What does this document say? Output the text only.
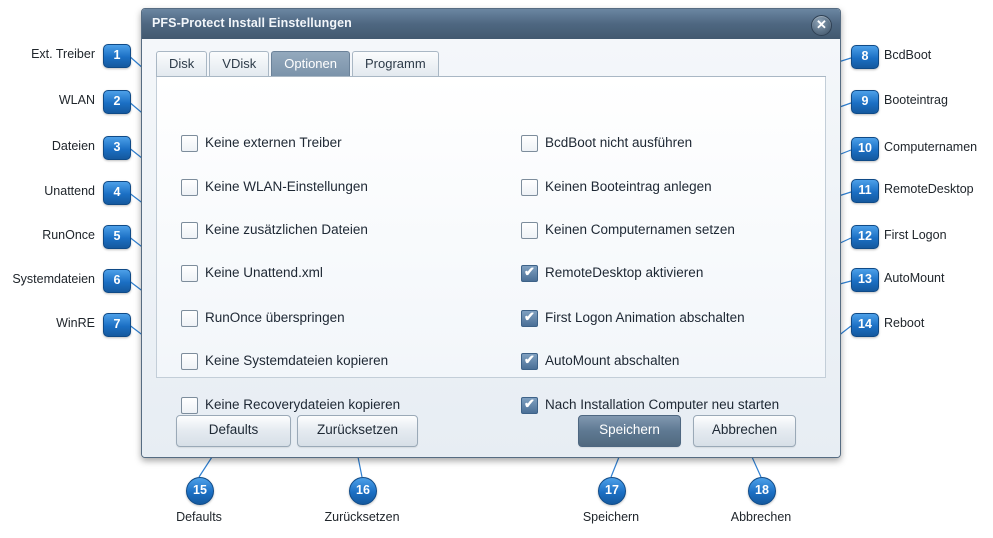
PFS-Protect Install Einstellungen	✕
Disk	VDisk	Optionen	Programm
Keine externen Treiber
Keine WLAN-Einstellungen
Keine zusätzlichen Dateien
Keine Unattend.xml
RunOnce überspringen
Keine Systemdateien kopieren
Keine Recoverydateien kopieren
BcdBoot nicht ausführen
Keinen Booteintrag anlegen
Keinen Computernamen setzen
✔ RemoteDesktop aktivieren
✔ First Logon Animation abschalten
✔ AutoMount abschalten
✔ Nach Installation Computer neu starten
Defaults	Zurücksetzen	Speichern	Abbrechen
1
Ext. Treiber
2
WLAN
3
Dateien
4
Unattend
5
RunOnce
6
Systemdateien
7
WinRE
8	BcdBoot
9	Booteintrag
10 Computernamen
11 RemoteDesktop
12 First Logon
13 AutoMount
14 Reboot
15
Defaults
16
Zurücksetzen
17
Speichern
18
Abbrechen
